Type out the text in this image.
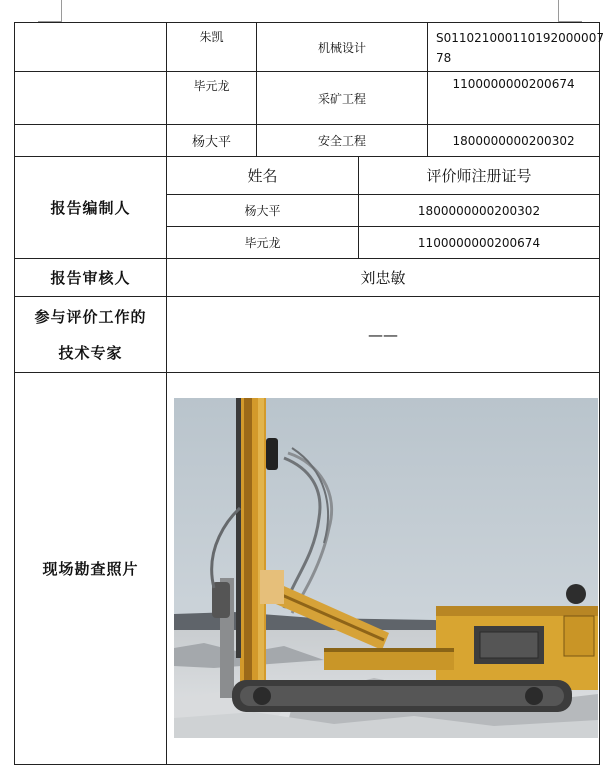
	朱凯	机械设计		S011021000110192000007
78

	毕元龙	采矿工程		1100000000200674
	杨大平	安全工程		1800000000200302
报告编制人	姓名		评价师注册证号	
	杨大平		1800000000200302	
	毕元龙		1100000000200674	
报告审核人	刘忠敏			

参与评价工作的
技术专家	——			
现场勘查照片	
